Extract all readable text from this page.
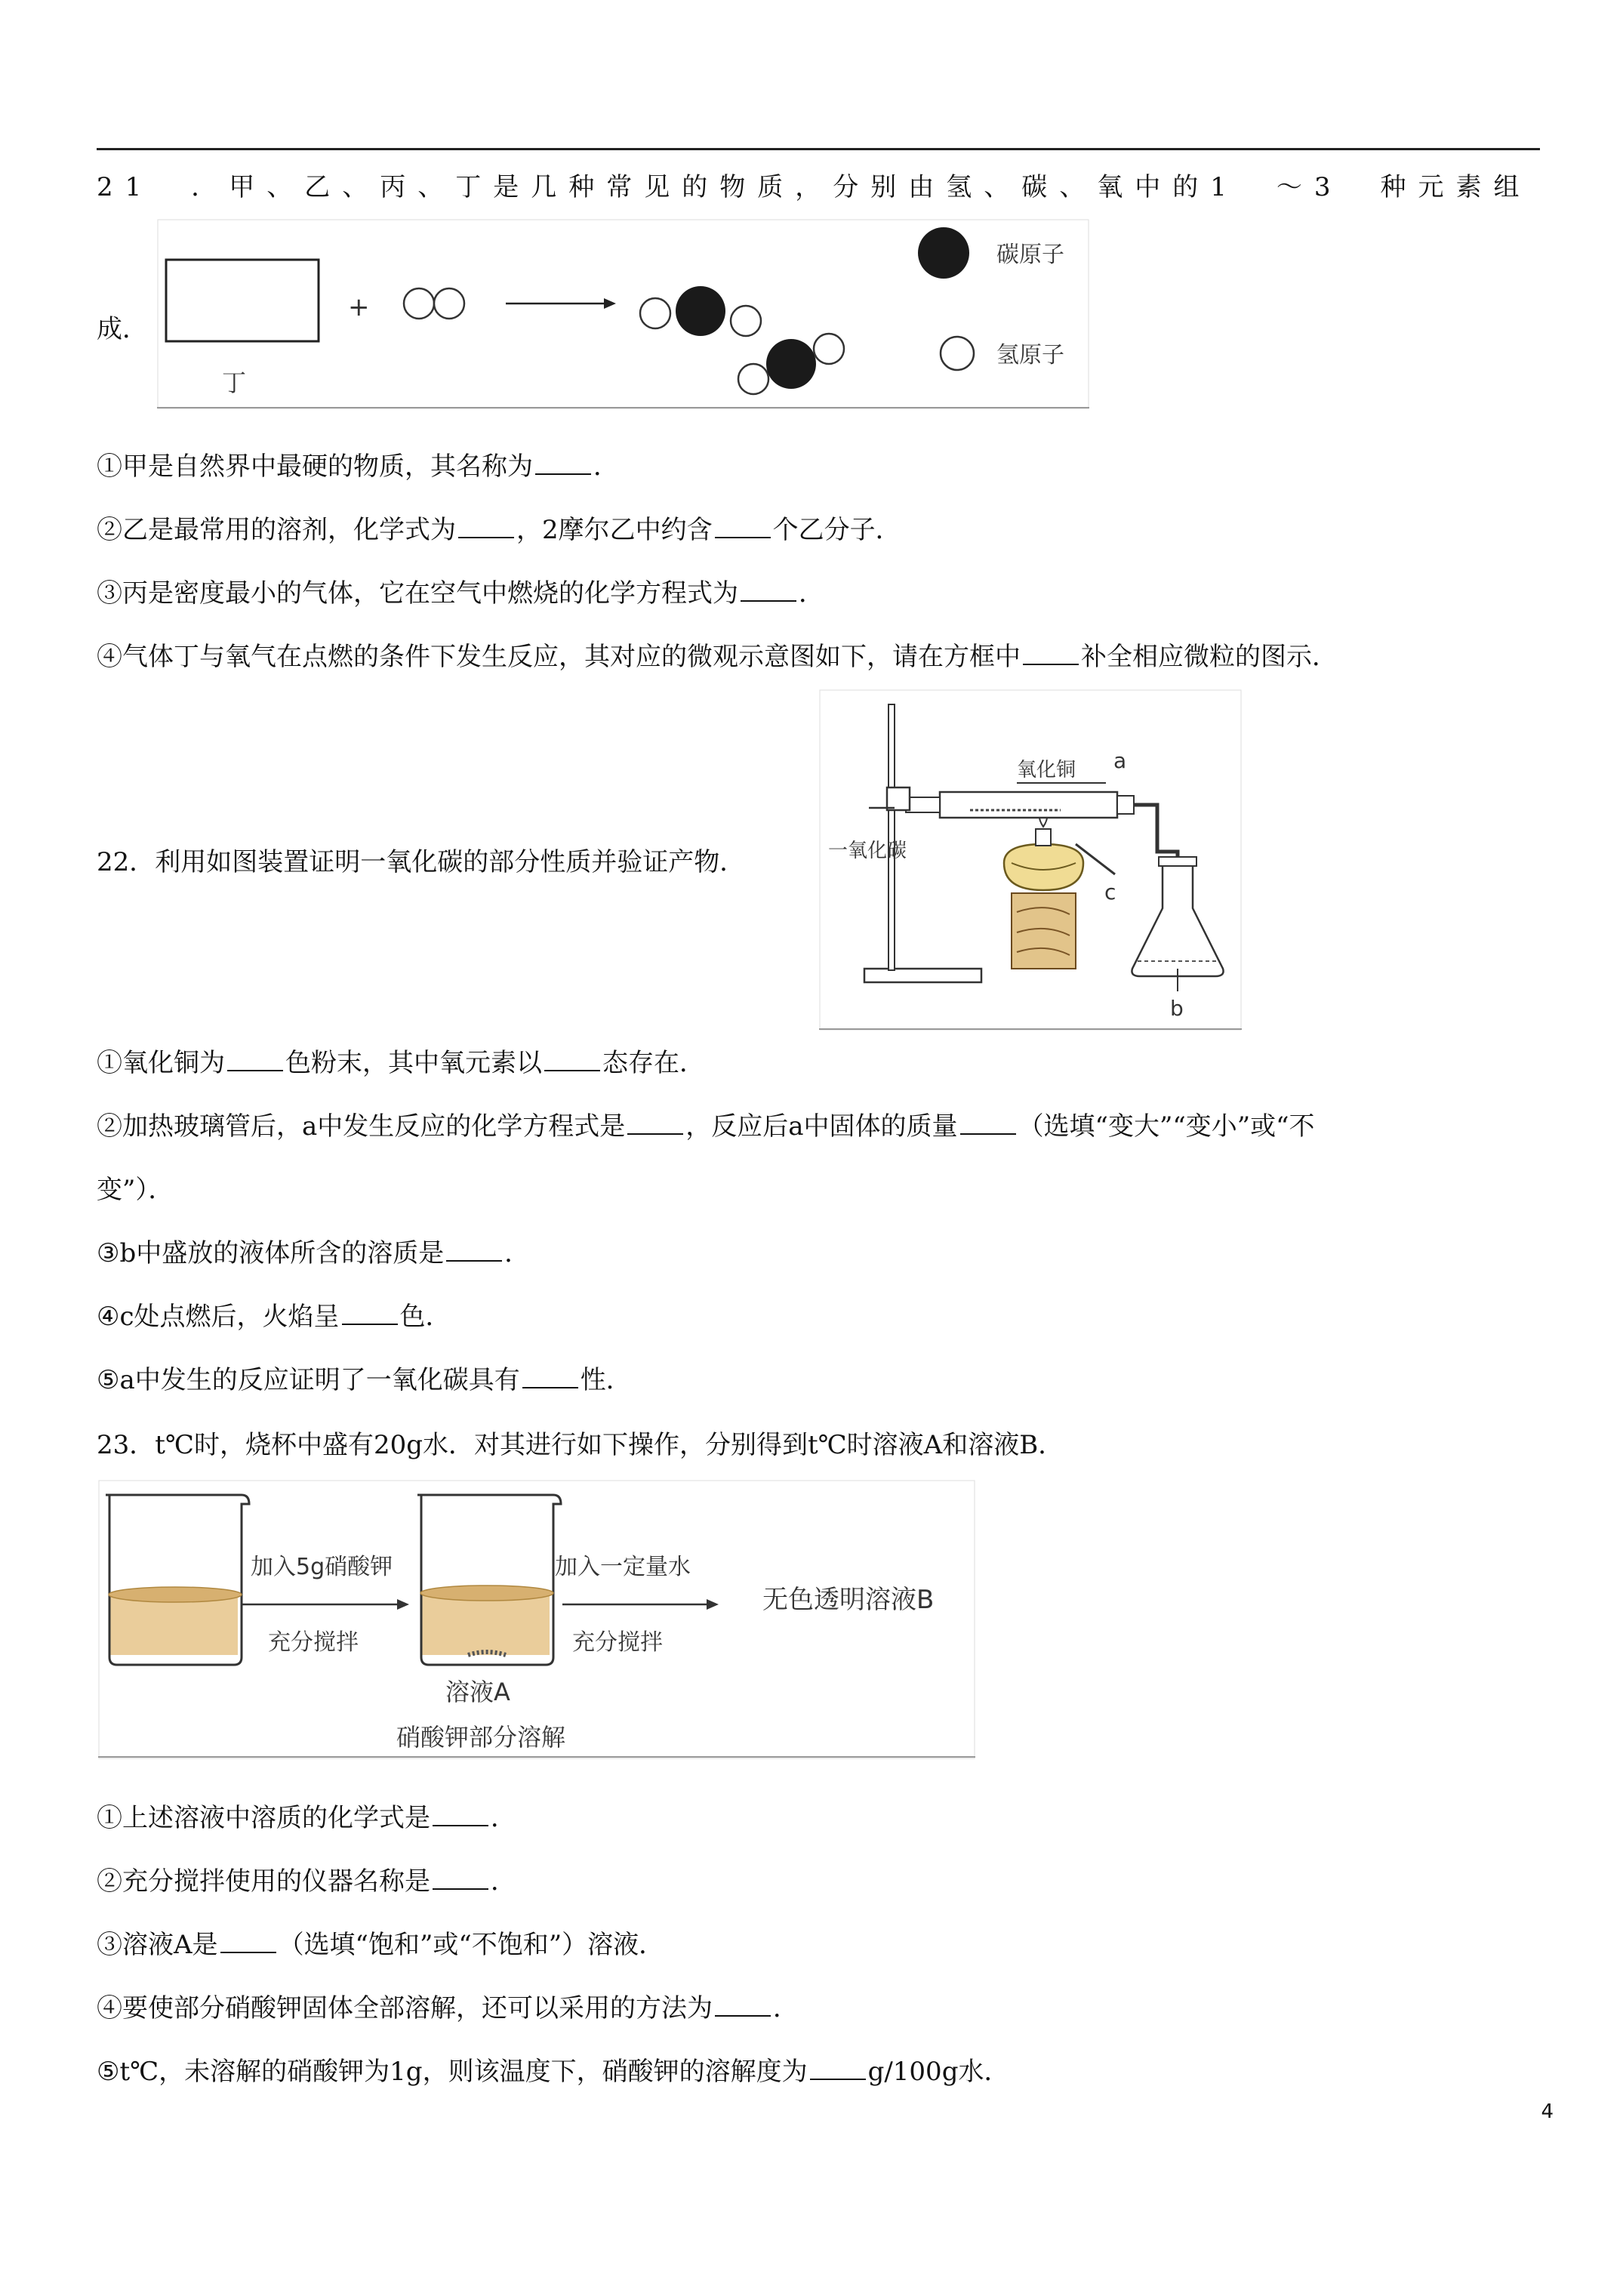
21　．甲、乙、丙、丁是几种常见的物质，分别由氢、碳、氧中的1　～3　种元素组
成．
丁
+
碳原子
氢原子
①甲是自然界中最硬的物质，其名称为 ．
②乙是最常用的溶剂，化学式为 ，2摩尔乙中约含 个乙分子．
③丙是密度最小的气体，它在空气中燃烧的化学方程式为 ．
④气体丁与氧气在点燃的条件下发生反应，其对应的微观示意图如下，请在方框中 补全相应微粒的图示．
22．利用如图装置证明一氧化碳的部分性质并验证产物．
氧化铜 a
一氧化碳
c
b
①氧化铜为 色粉末，其中氧元素以 态存在．
②加热玻璃管后，a中发生反应的化学方程式是 ，反应后a中固体的质量 （选填“变大”“变小”或“不
变”）．
③b中盛放的液体所含的溶质是 ．
④c处点燃后，火焰呈 色．
⑤a中发生的反应证明了一氧化碳具有 性．
23．t℃时，烧杯中盛有20g水．对其进行如下操作，分别得到t℃时溶液A和溶液B．
加入5g硝酸钾
充分搅拌
溶液A
硝酸钾部分溶解
加入一定量水
充分搅拌
无色透明溶液B
①上述溶液中溶质的化学式是 ．
②充分搅拌使用的仪器名称是 ．
③溶液A是 （选填“饱和”或“不饱和”）溶液．
④要使部分硝酸钾固体全部溶解，还可以采用的方法为 ．
⑤t℃，未溶解的硝酸钾为1g，则该温度下，硝酸钾的溶解度为 g/100g水．
4
